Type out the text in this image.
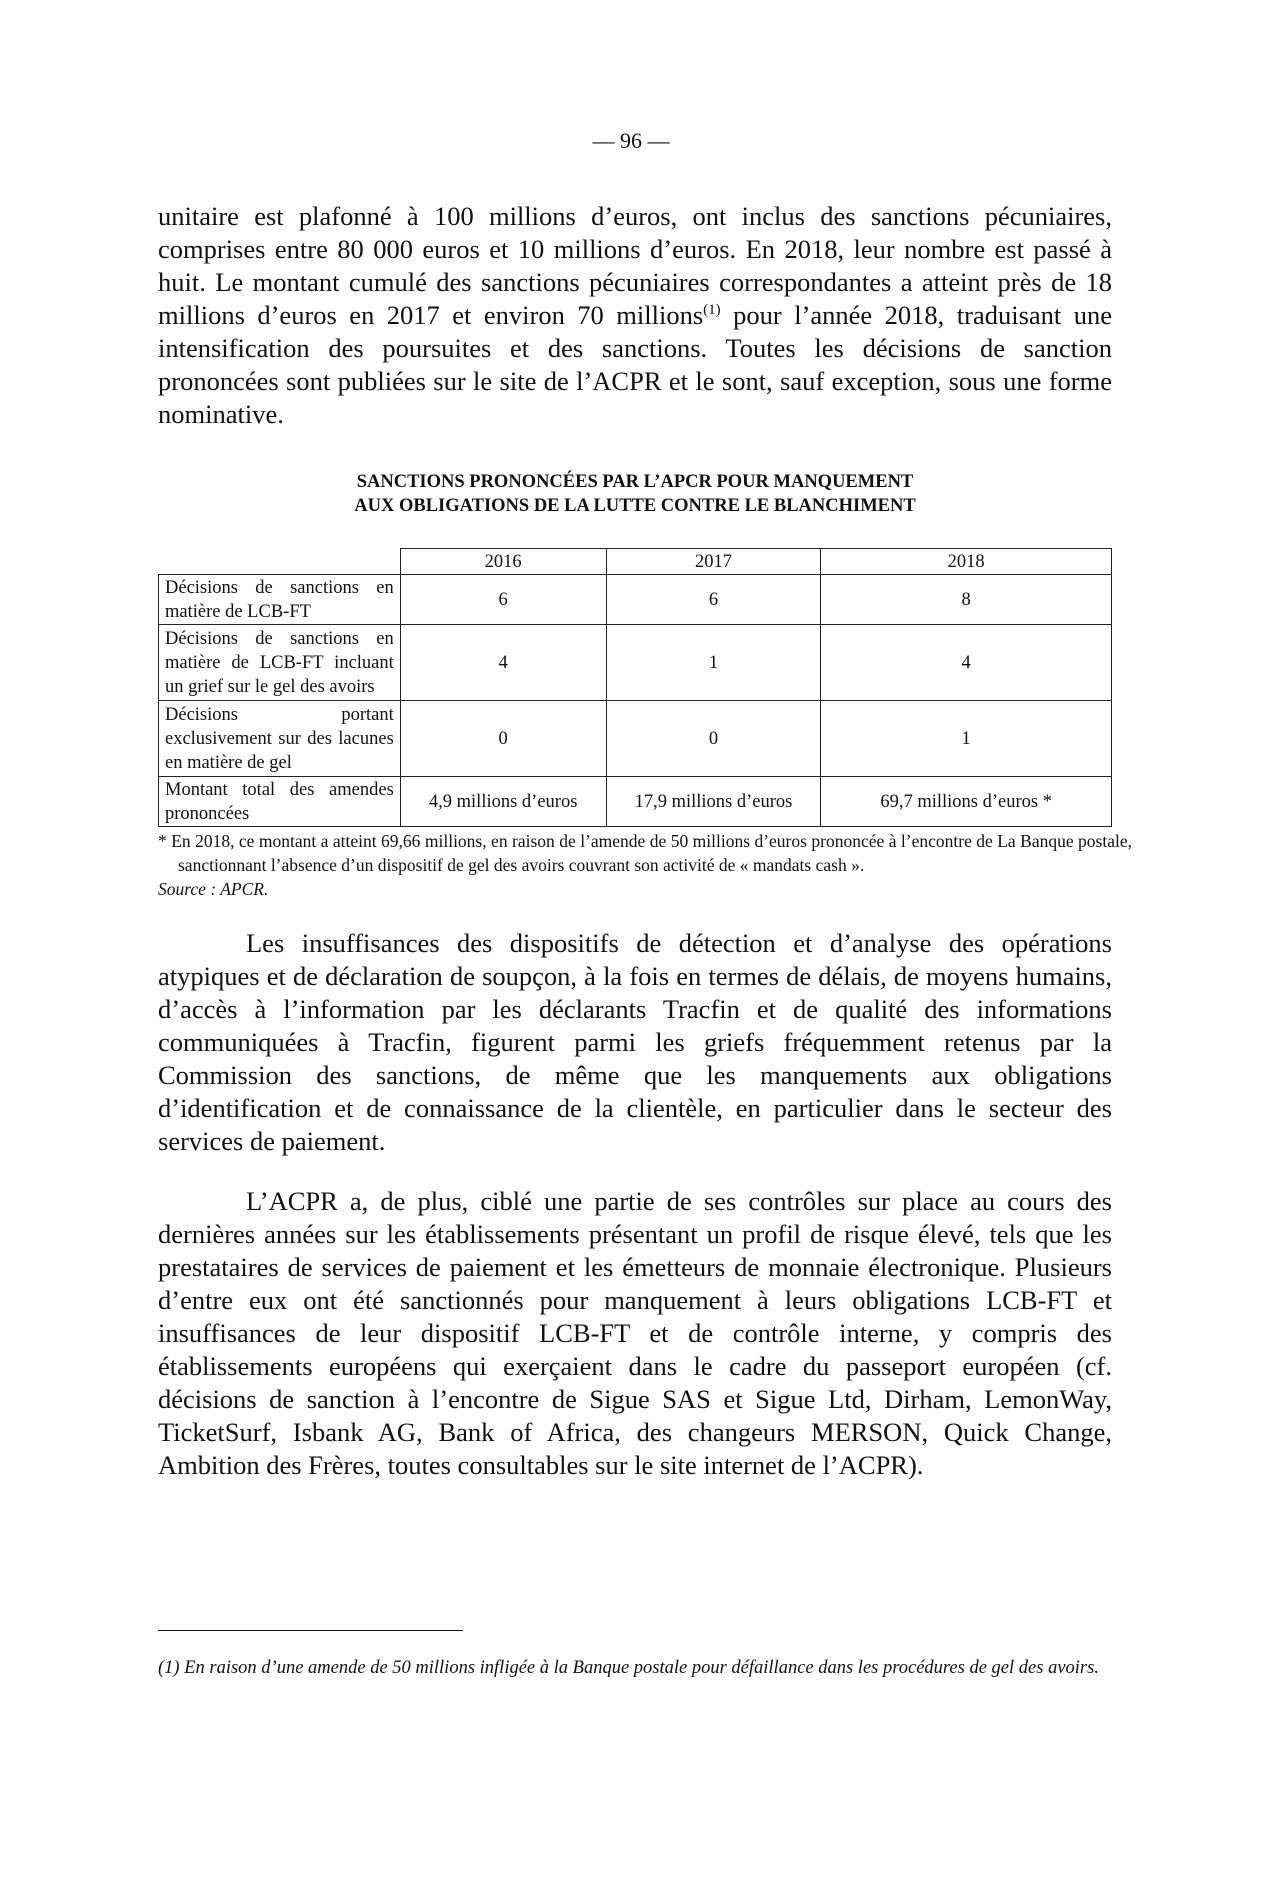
— 96 —

unitaire est plafonné à 100 millions d’euros, ont inclus des sanctions pécuniaires, comprises entre 80 000 euros et 10 millions d’euros. En 2018, leur nombre est passé à huit. Le montant cumulé des sanctions pécuniaires correspondantes a atteint près de 18 millions d’euros en 2017 et environ 70 millions$^{(1)}$ pour l’année 2018, traduisant une intensification des poursuites et des sanctions. Toutes les décisions de sanction prononcées sont publiées sur le site de l’ACPR et le sont, sauf exception, sous une forme nominative.

SANCTIONS PRONONCÉES PAR L’APCR POUR MANQUEMENT
AUX OBLIGATIONS DE LA LUTTE CONTRE LE BLANCHIMENT
	2016	2017	2018
Décisions de sanctions en matière de LCB-FT	6	6	8
Décisions de sanctions en matière de LCB-FT incluant un grief sur le gel des avoirs	4	1	4
Décisions portant exclusivement sur des lacunes en matière de gel	0	0	1
Montant total des amendes prononcées	4,9 millions d’euros	17,9 millions d’euros	69,7 millions d’euros *
* En 2018, ce montant a atteint 69,66 millions, en raison de l’amende de 50 millions d’euros prononcée à l’encontre de La Banque postale, sanctionnant l’absence d’un dispositif de gel des avoirs couvrant son activité de « mandats cash ».
Source : APCR.

Les insuffisances des dispositifs de détection et d’analyse des opérations atypiques et de déclaration de soupçon, à la fois en termes de délais, de moyens humains, d’accès à l’information par les déclarants Tracfin et de qualité des informations communiquées à Tracfin, figurent parmi les griefs fréquemment retenus par la Commission des sanctions, de même que les manquements aux obligations d’identification et de connaissance de la clientèle, en particulier dans le secteur des services de paiement.

L’ACPR a, de plus, ciblé une partie de ses contrôles sur place au cours des dernières années sur les établissements présentant un profil de risque élevé, tels que les prestataires de services de paiement et les émetteurs de monnaie électronique. Plusieurs d’entre eux ont été sanctionnés pour manquement à leurs obligations LCB-FT et insuffisances de leur dispositif LCB-FT et de contrôle interne, y compris des établissements européens qui exerçaient dans le cadre du passeport européen (cf. décisions de sanction à l’encontre de Sigue SAS et Sigue Ltd, Dirham, LemonWay, TicketSurf, Isbank AG, Bank of Africa, des changeurs MERSON, Quick Change, Ambition des Frères, toutes consultables sur le site internet de l’ACPR).

(1) En raison d’une amende de 50 millions infligée à la Banque postale pour défaillance dans les procédures de gel des avoirs.
